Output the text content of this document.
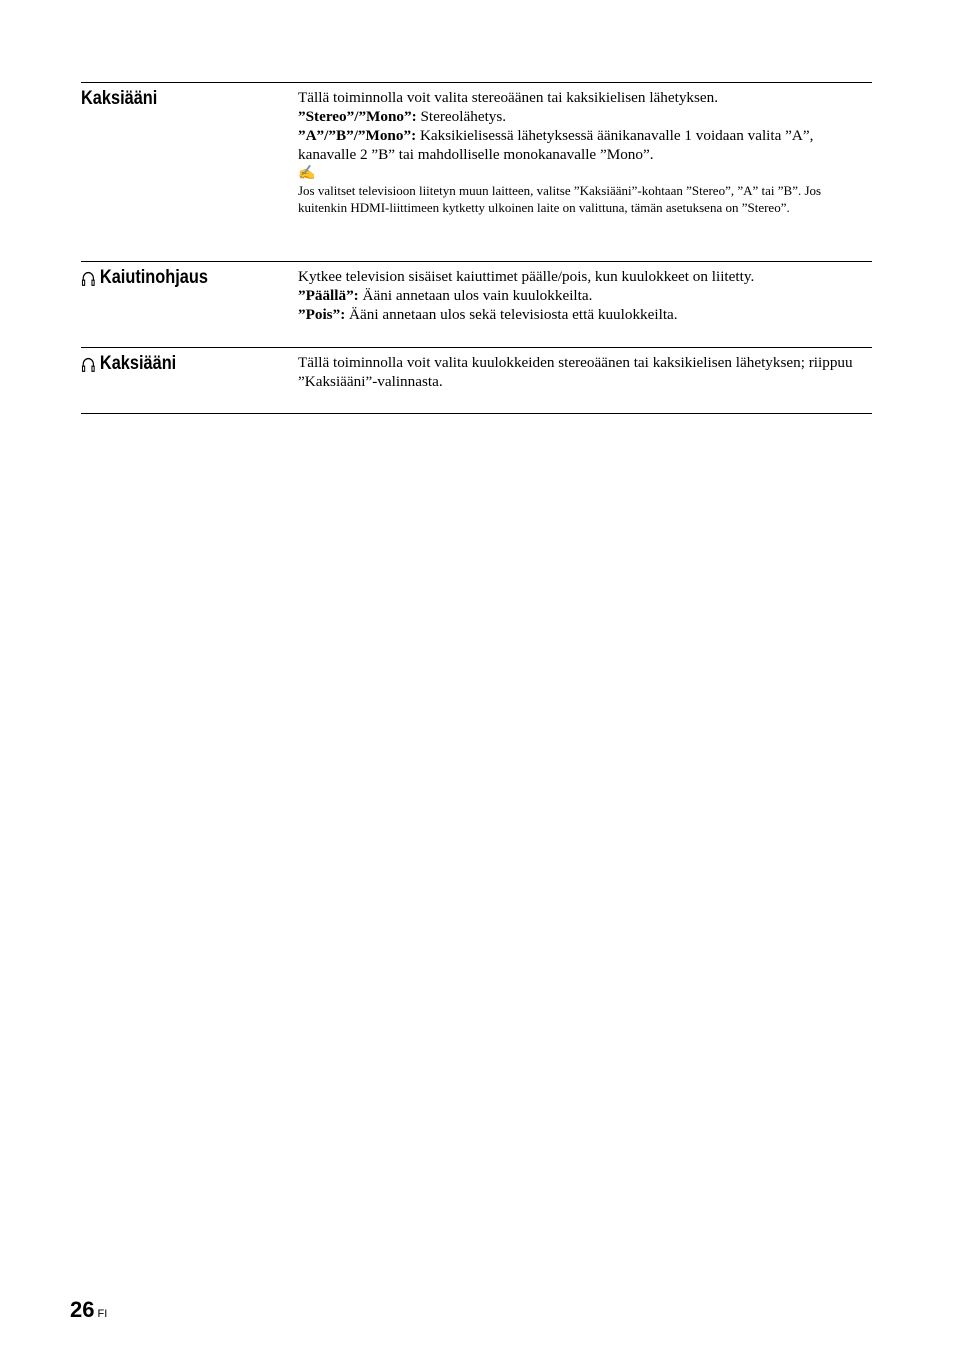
Kaksiääni	Tällä toiminnolla voit valita stereoäänen tai kaksikielisen lähetyksen.

”Stereo”/”Mono”: Stereolähetys.

”A”/”B”/”Mono”: Kaksikielisessä lähetyksessä äänikanavalle 1 voidaan valita ”A”, kanavalle 2 ”B” tai mahdolliselle monokanavalle ”Mono”.

✍

Jos valitset televisioon liitetyn muun laitteen, valitse ”Kaksiääni”-kohtaan ”Stereo”, ”A” tai ”B”. Jos kuitenkin HDMI-liittimeen kytketty ulkoinen laite on valittuna, tämän asetuksena on ”Stereo”.

Kaiutinohjaus	Kytkee television sisäiset kaiuttimet päälle/pois, kun kuulokkeet on liitetty.

”Päällä”: Ääni annetaan ulos vain kuulokkeilta.

”Pois”: Ääni annetaan ulos sekä televisiosta että kuulokkeilta.

Kaksiääni	Tällä toiminnolla voit valita kuulokkeiden stereoäänen tai kaksikielisen lähetyksen; riippuu ”Kaksiääni”-valinnasta.

26 FI
